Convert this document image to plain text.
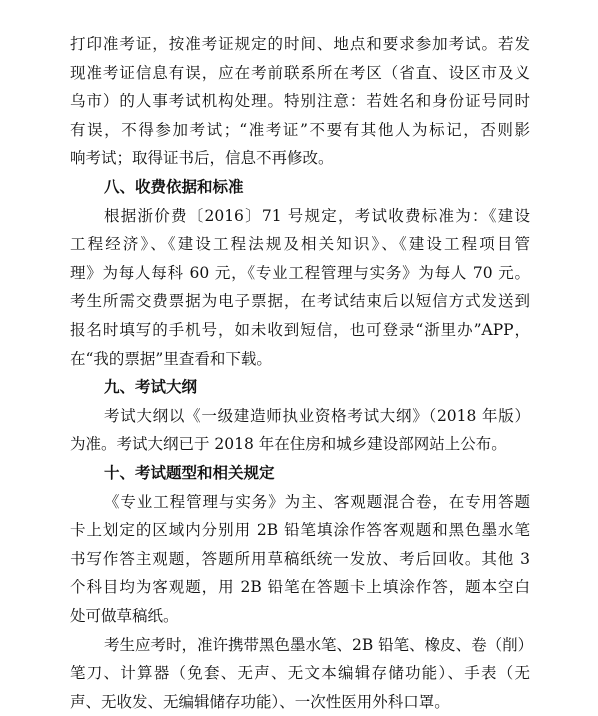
打印准考证，按准考证规定的时间、地点和要求参加考试。若发
现准考证信息有误，应在考前联系所在考区（省直、设区市及义
乌市）的人事考试机构处理。特别注意：若姓名和身份证号同时
有误，不得参加考试；“准考证”不要有其他人为标记，否则影
响考试；取得证书后，信息不再修改。
八、收费依据和标准
根据浙价费〔2016〕71 号规定，考试收费标准为：《建设
工程经济》、《建设工程法规及相关知识》、《建设工程项目管
理》为每人每科 60 元，《专业工程管理与实务》为每人 70 元。
考生所需交费票据为电子票据，在考试结束后以短信方式发送到
报名时填写的手机号，如未收到短信，也可登录“浙里办”APP，
在“我的票据”里查看和下载。
九、考试大纲
考试大纲以《一级建造师执业资格考试大纲》（2018 年版）
为准。考试大纲已于 2018 年在住房和城乡建设部网站上公布。
十、考试题型和相关规定
《专业工程管理与实务》为主、客观题混合卷，在专用答题
卡上划定的区域内分别用 2B 铅笔填涂作答客观题和黑色墨水笔
书写作答主观题，答题所用草稿纸统一发放、考后回收。其他 3
个科目均为客观题，用 2B 铅笔在答题卡上填涂作答，题本空白
处可做草稿纸。
考生应考时，准许携带黑色墨水笔、2B 铅笔、橡皮、卷（削）
笔刀、计算器（免套、无声、无文本编辑存储功能）、手表（无
声、无收发、无编辑储存功能）、一次性医用外科口罩。
